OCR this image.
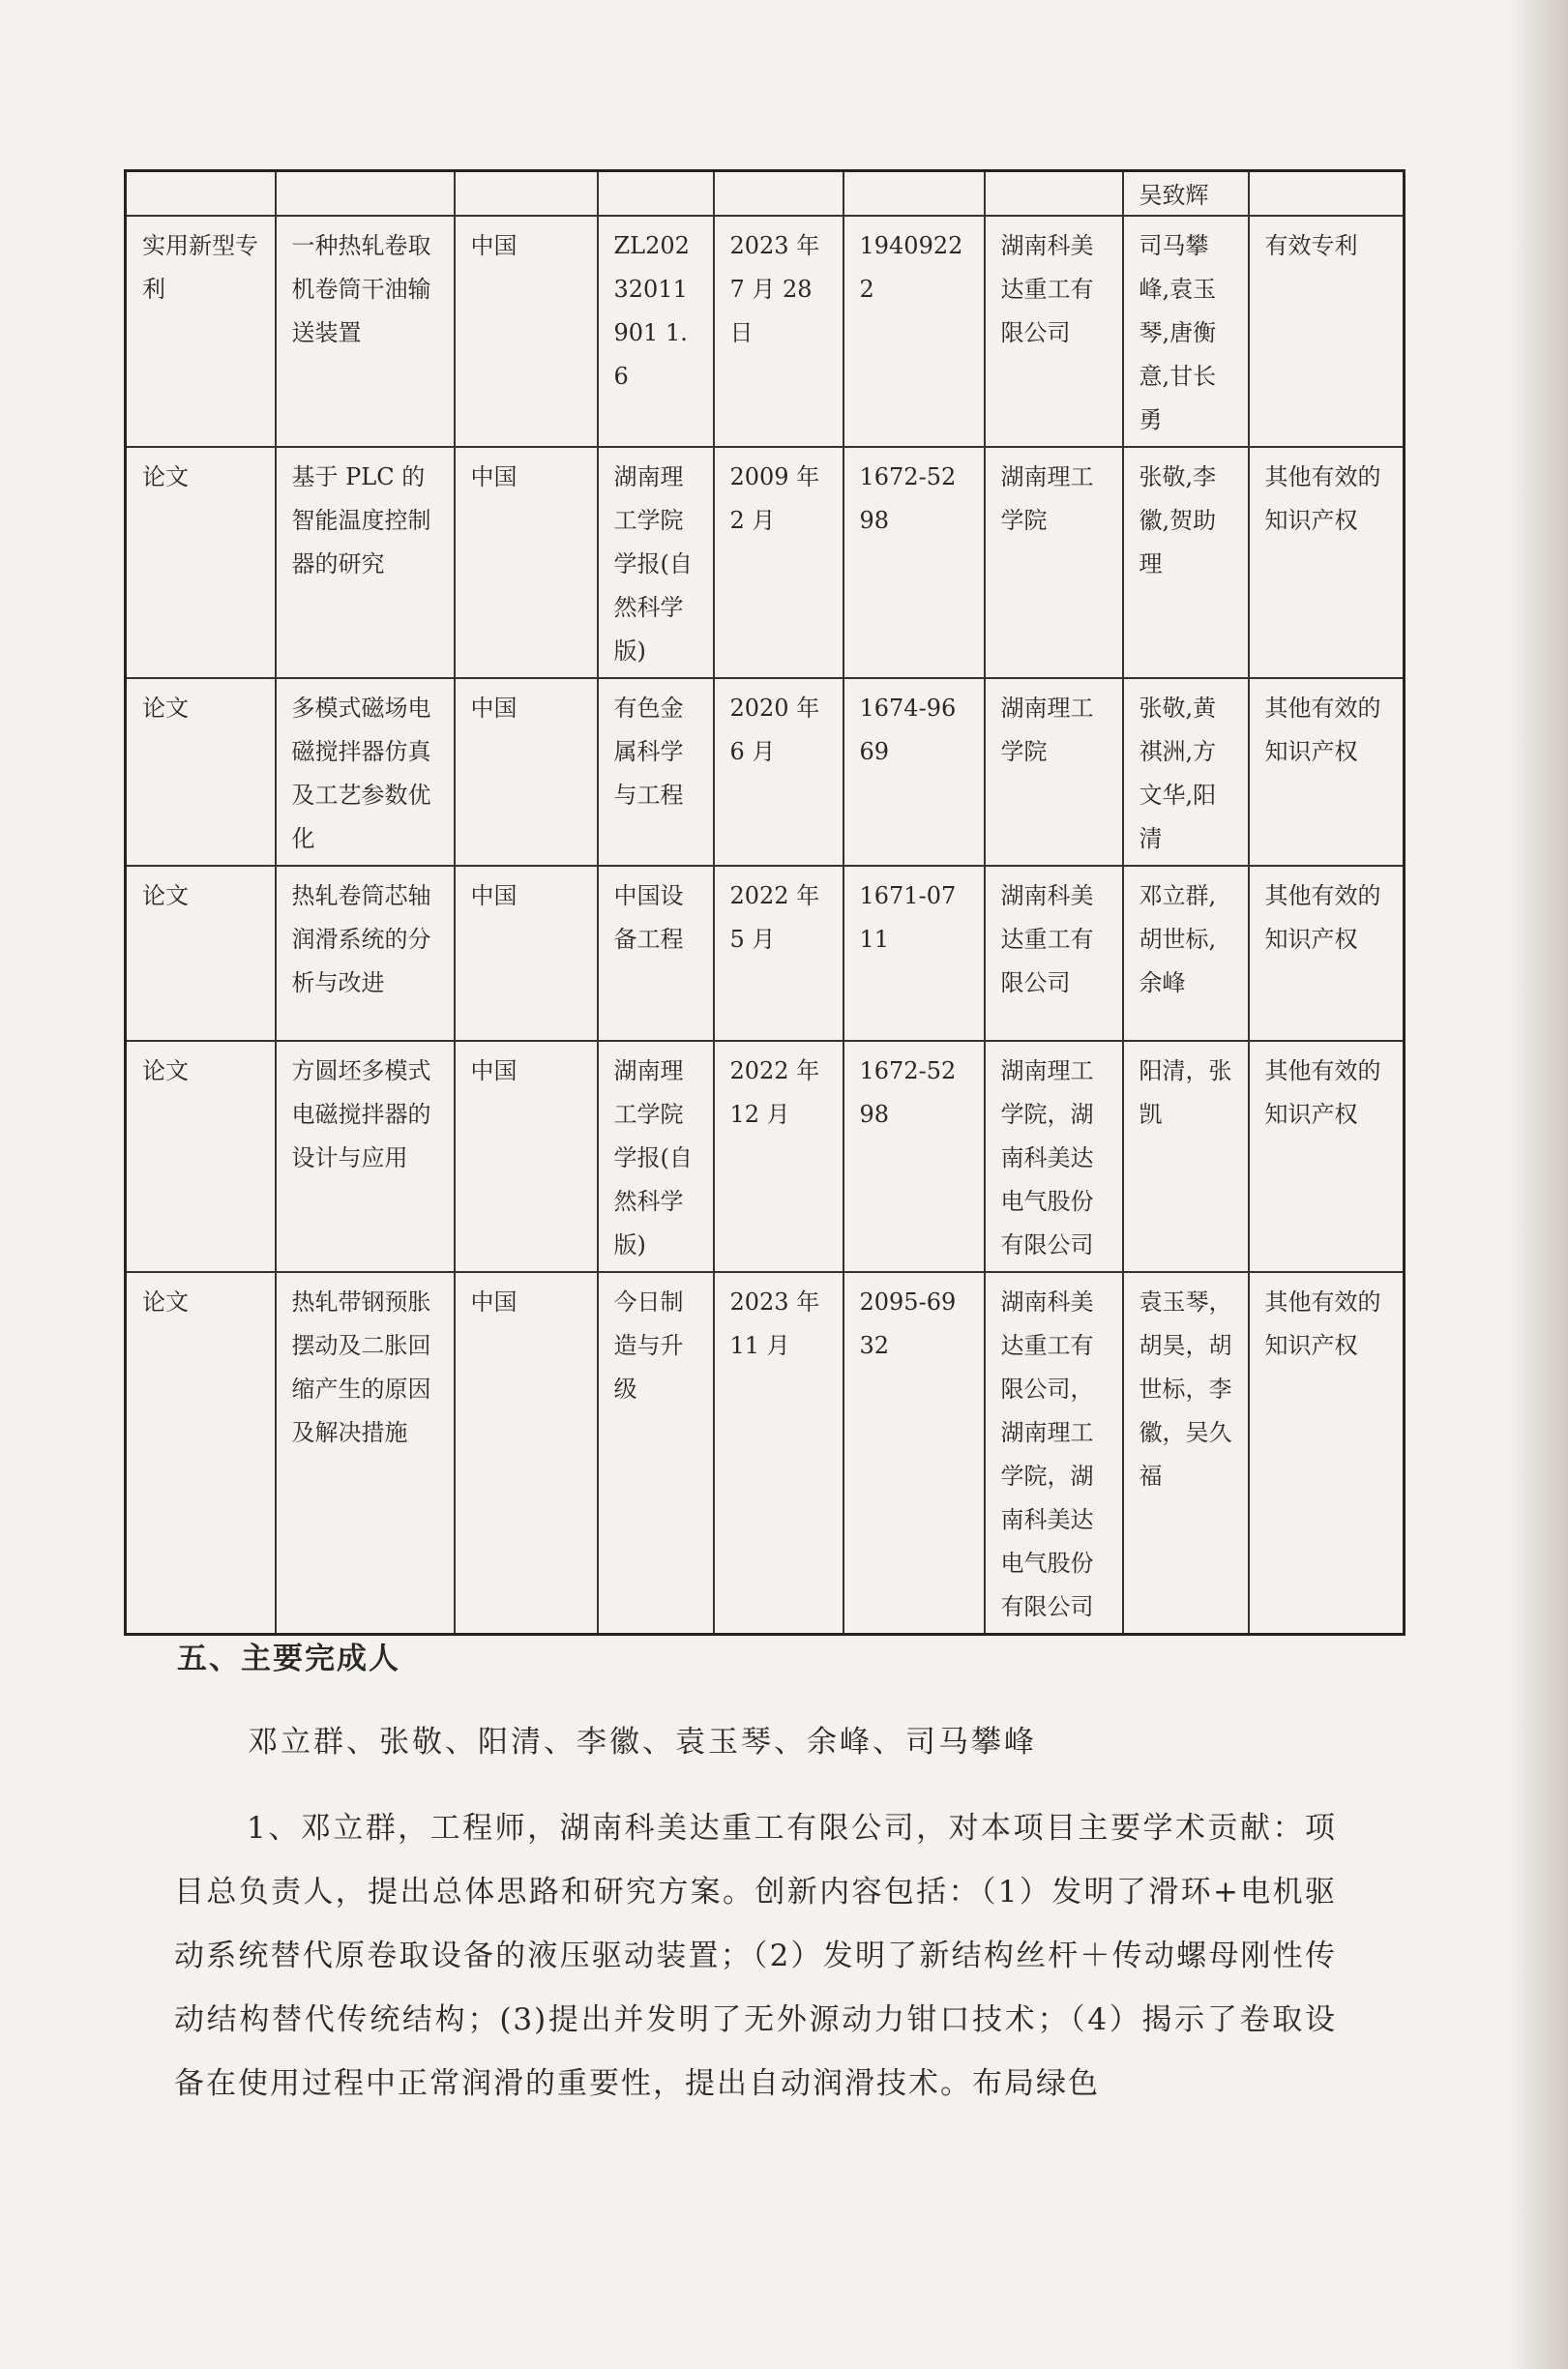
							吴致辉	
实用新型专利	一种热轧卷取机卷筒干油输送装置	中国	ZL20232011901 1.6	2023 年 7 月 28 日	19409222	湖南科美达重工有限公司	司马攀峰,袁玉琴,唐衡意,甘长勇	有效专利
论文	基于 PLC 的智能温度控制器的研究	中国	湖南理工学院学报(自然科学版)	2009 年 2 月	1672-5298	湖南理工学院	张敬,李徽,贺助理	其他有效的知识产权
论文	多模式磁场电磁搅拌器仿真及工艺参数优化	中国	有色金属科学与工程	2020 年 6 月	1674-9669	湖南理工学院	张敬,黄祺洲,方文华,阳清	其他有效的知识产权
论文	热轧卷筒芯轴润滑系统的分析与改进	中国	中国设备工程	2022 年 5 月	1671-0711	湖南科美达重工有限公司	邓立群,胡世标,余峰	其他有效的知识产权
论文	方圆坯多模式电磁搅拌器的设计与应用	中国	湖南理工学院学报(自然科学版)	2022 年 12 月	1672-5298	湖南理工学院，湖南科美达电气股份有限公司	阳清，张凯	其他有效的知识产权
论文	热轧带钢预胀摆动及二胀回缩产生的原因及解决措施	中国	今日制造与升级	2023 年 11 月	2095-6932	湖南科美达重工有限公司，湖南理工学院，湖南科美达电气股份有限公司	袁玉琴，胡昊，胡世标，李徽，吴久福	其他有效的知识产权
五、主要完成人

邓立群、张敬、阳清、李徽、袁玉琴、余峰、司马攀峰

1、邓立群，工程师，湖南科美达重工有限公司，对本项目主要学术贡献：项目总负责人，提出总体思路和研究方案。创新内容包括：（1）发明了滑环+电机驱动系统替代原卷取设备的液压驱动装置；（2）发明了新结构丝杆＋传动螺母刚性传动结构替代传统结构；(3)提出并发明了无外源动力钳口技术；（4）揭示了卷取设备在使用过程中正常润滑的重要性，提出自动润滑技术。布局绿色
